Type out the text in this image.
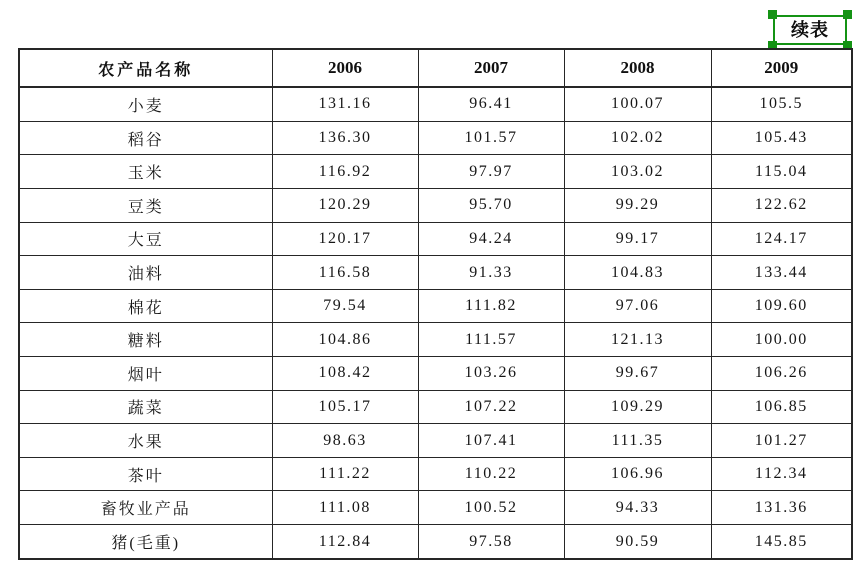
续表
农产品名称	2006	2007	2008	2009
小麦	131.16	96.41	100.07	105.5
稻谷	136.30	101.57	102.02	105.43
玉米	116.92	97.97	103.02	115.04
豆类	120.29	95.70	99.29	122.62
大豆	120.17	94.24	99.17	124.17
油料	116.58	91.33	104.83	133.44
棉花	79.54	111.82	97.06	109.60
糖料	104.86	111.57	121.13	100.00
烟叶	108.42	103.26	99.67	106.26
蔬菜	105.17	107.22	109.29	106.85
水果	98.63	107.41	111.35	101.27
茶叶	111.22	110.22	106.96	112.34
畜牧业产品	111.08	100.52	94.33	131.36
猪(毛重)	112.84	97.58	90.59	145.85
